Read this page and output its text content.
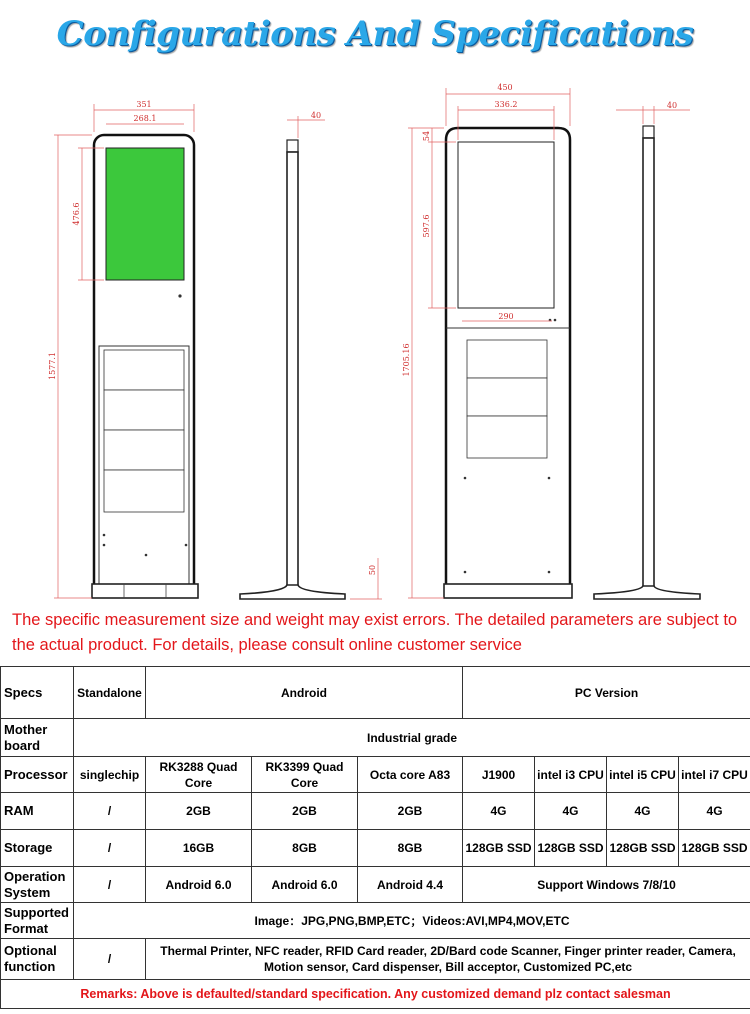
Configurations And Specifications
351
268.1
476.6
1577.1
40
50
450
336.2
54
597.6
1705.16
290
40
The specific measurement size and weight may exist errors. The detailed parameters are subject to the actual product. For details, please consult online customer service
Specs	Standalone	Android			PC Version			
Mother board	Industrial grade							
Processor	singlechip	RK3288 Quad Core	RK3399 Quad Core	Octa core A83	J1900	intel i3 CPU	intel i5 CPU	intel i7 CPU
RAM	/	2GB	2GB	2GB	4G	4G	4G	4G
Storage	/	16GB	8GB	8GB	128GB SSD	128GB SSD	128GB SSD	128GB SSD
Operation System	/	Android 6.0	Android 6.0	Android 4.4	Support Windows 7/8/10			
Supported Format	Image：JPG,PNG,BMP,ETC；Videos:AVI,MP4,MOV,ETC							
Optional function	/	Thermal Printer, NFC reader, RFID Card reader, 2D/Bard code Scanner, Finger printer reader, Camera, Motion sensor, Card dispenser, Bill acceptor, Customized PC,etc						
Remarks: Above is defaulted/standard specification. Any customized demand plz contact salesman								
